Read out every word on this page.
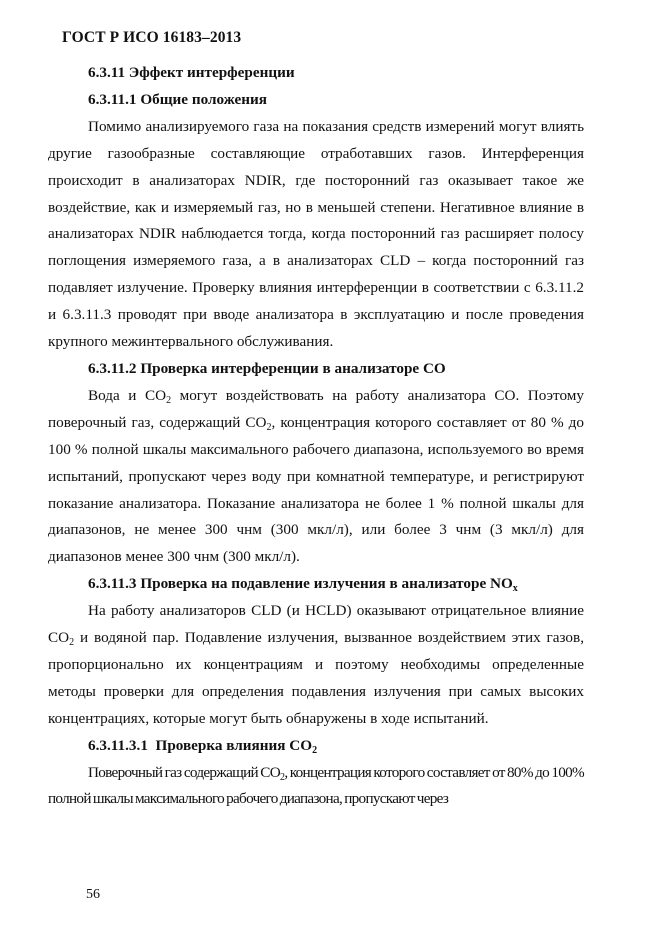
ГОСТ Р ИСО 16183–2013

6.3.11 Эффект интерференции

6.3.11.1 Общие положения

Помимо анализируемого газа на показания средств измерений могут влиять другие газообразные составляющие отработавших газов. Интерференция происходит в анализаторах NDIR, где посторонний газ оказывает такое же воздействие, как и измеряемый газ, но в меньшей степени. Негативное влияние в анализаторах NDIR наблюдается тогда, когда посторонний газ расширяет полосу поглощения измеряемого газа, а в анализаторах CLD – когда посторонний газ подавляет излучение. Проверку влияния интерференции в соответствии с 6.3.11.2 и 6.3.11.3 проводят при вводе анализатора в эксплуатацию и после проведения крупного межинтервального обслуживания.

6.3.11.2 Проверка интерференции в анализаторе CO

Вода и $CO_2$ могут воздействовать на работу анализатора CO. Поэтому поверочный газ, содержащий $CO_2$, концентрация которого составляет от 80 % до 100 % полной шкалы максимального рабочего диапазона, используемого во время испытаний, пропускают через воду при комнатной температуре, и регистрируют показание анализатора. Показание анализатора не более 1 % полной шкалы для диапазонов, не менее 300 чнм (300 мкл/л), или более 3 чнм (3 мкл/л) для диапазонов менее 300 чнм (300 мкл/л).

6.3.11.3 Проверка на подавление излучения в анализаторе $NO_x$

На работу анализаторов CLD (и HCLD) оказывают отрицательное влияние $CO_2$ и водяной пар. Подавление излучения, вызванное воздействием этих газов, пропорционально их концентрациям и поэтому необходимы определенные методы проверки для определения подавления излучения при самых высоких концентрациях, которые могут быть обнаружены в ходе испытаний.

6.3.11.3.1  Проверка влияния $CO_2$

Поверочный газ содержащий $CO_2$, концентрация которого составляет от 80% до 100% полной шкалы максимального рабочего диапазона, пропускают через

56
